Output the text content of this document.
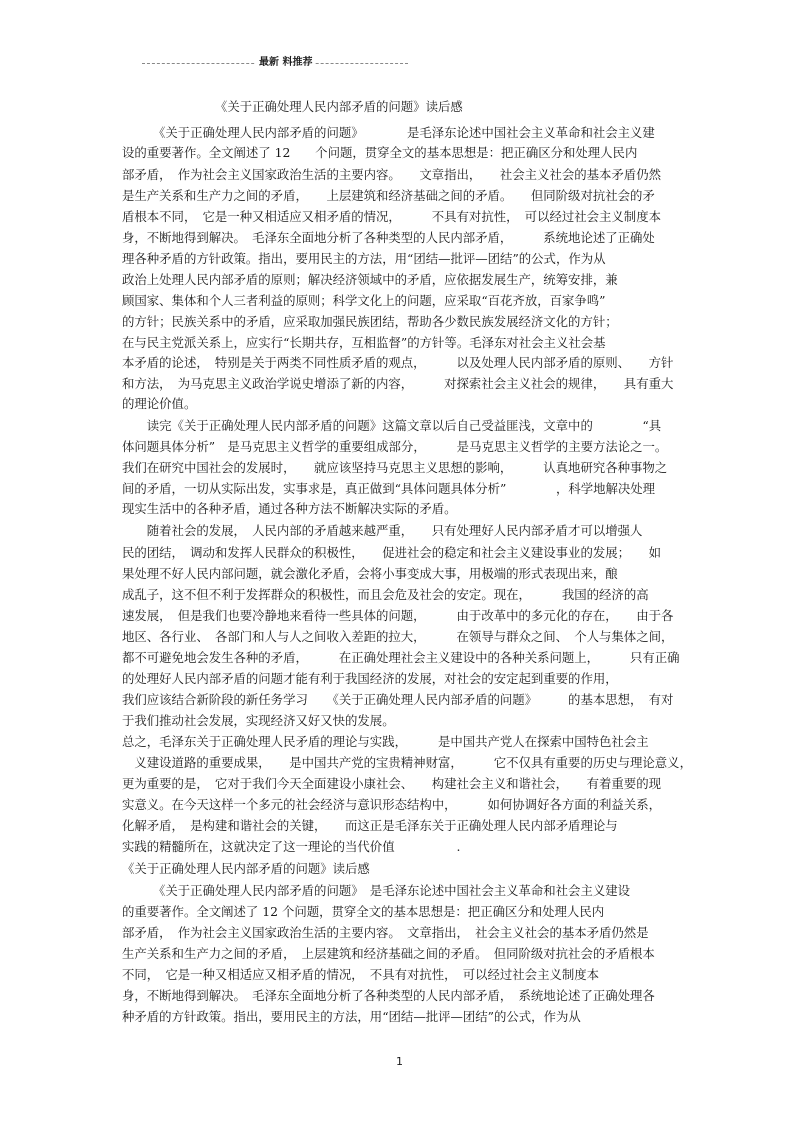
最新 料推荐
　　　　　　　　《关于正确处理人民内部矛盾的问题》读后感
　　　《关于正确处理人民内部矛盾的问题》　　　　是毛泽东论述中国社会主义革命和社会主义建
设的重要著作。全文阐述了 12　　个问题，贯穿全文的基本思想是：把正确区分和处理人民内
部矛盾，　作为社会主义国家政治生活的主要内容。　　文章指出，　　社会主义社会的基本矛盾仍然
是生产关系和生产力之间的矛盾，　　上层建筑和经济基础之间的矛盾。　　但同阶级对抗社会的矛
盾根本不同，　它是一种又相适应又相矛盾的情况，　　　不具有对抗性，　可以经过社会主义制度本
身，不断地得到解决。　毛泽东全面地分析了各种类型的人民内部矛盾，　　　系统地论述了正确处
理各种矛盾的方针政策。指出，要用民主的方法，用“团结—批评—团结”的公式，作为从
政治上处理人民内部矛盾的原则；解决经济领域中的矛盾，应依据发展生产，统筹安排，兼
顾国家、集体和个人三者利益的原则；科学文化上的问题，应采取“百花齐放，百家争鸣”
的方针；民族关系中的矛盾，应采取加强民族团结，帮助各少数民族发展经济文化的方针；
在与民主党派关系上，应实行“长期共存，互相监督”的方针等。毛泽东对社会主义社会基
本矛盾的论述，　特别是关于两类不同性质矛盾的观点，　　　以及处理人民内部矛盾的原则、　　方针
和方法，　为马克思主义政治学说史增添了新的内容，　　　对探索社会主义社会的规律，　　具有重大
的理论价值。
　　读完《关于正确处理人民内部矛盾的问题》这篇文章以后自己受益匪浅，文章中的　　　　“具
体问题具体分析”　是马克思主义哲学的重要组成部分，　　　是马克思主义哲学的主要方法论之一。
我们在研究中国社会的发展时，　　就应该坚持马克思主义思想的影响，　　　认真地研究各种事物之
间的矛盾，一切从实际出发，实事求是，真正做到“具体问题具体分析”　　　　，科学地解决处理
现实生活中的各种矛盾，通过各种方法不断解决实际的矛盾。
　　随着社会的发展，　人民内部的矛盾越来越严重，　　只有处理好人民内部矛盾才可以增强人
民的团结，　调动和发挥人民群众的积极性，　　促进社会的稳定和社会主义建设事业的发展；　　如
果处理不好人民内部问题，就会激化矛盾，会将小事变成大事，用极端的形式表现出来，酿
成乱子，这不但不利于发挥群众的积极性，而且会危及社会的安定。现在，　　　我国的经济的高
速发展，　但是我们也要冷静地来看待一些具体的问题，　　　由于改革中的多元化的存在，　　由于各
地区、各行业、　各部门和人与人之间收入差距的拉大，　　　在领导与群众之间、　个人与集体之间，
都不可避免地会发生各种的矛盾，　　　在正确处理社会主义建设中的各种关系问题上，　　　只有正确
的处理好人民内部矛盾的问题才能有利于我国经济的发展，对社会的安定起到重要的作用，
我们应该结合新阶段的新任务学习　　《关于正确处理人民内部矛盾的问题》　　　的基本思想，　有对
于我们推动社会发展，实现经济又好又快的发展。
总之，毛泽东关于正确处理人民矛盾的理论与实践，　　　是中国共产党人在探索中国特色社会主
　义建设道路的重要成果，　　是中国共产党的宝贵精神财富，　　　它不仅具有重要的历史与理论意义，
更为重要的是，　它对于我们今天全面建设小康社会、　　构建社会主义和谐社会，　　有着重要的现
实意义。在今天这样一个多元的社会经济与意识形态结构中，　　　如何协调好各方面的利益关系，
化解矛盾，　是构建和谐社会的关键，　　而这正是毛泽东关于正确处理人民内部矛盾理论与
实践的精髓所在，这就决定了这一理论的当代价值　　　　　.
《关于正确处理人民内部矛盾的问题》读后感
　　　《关于正确处理人民内部矛盾的问题》　是毛泽东论述中国社会主义革命和社会主义建设
的重要著作。全文阐述了 12 个问题，贯穿全文的基本思想是：把正确区分和处理人民内
部矛盾，　作为社会主义国家政治生活的主要内容。　文章指出，　社会主义社会的基本矛盾仍然是
生产关系和生产力之间的矛盾，　上层建筑和经济基础之间的矛盾。　但同阶级对抗社会的矛盾根本
不同，　它是一种又相适应又相矛盾的情况，　不具有对抗性，　可以经过社会主义制度本
身，不断地得到解决。　毛泽东全面地分析了各种类型的人民内部矛盾，　系统地论述了正确处理各
种矛盾的方针政策。指出，要用民主的方法，用“团结—批评—团结”的公式，作为从
1
